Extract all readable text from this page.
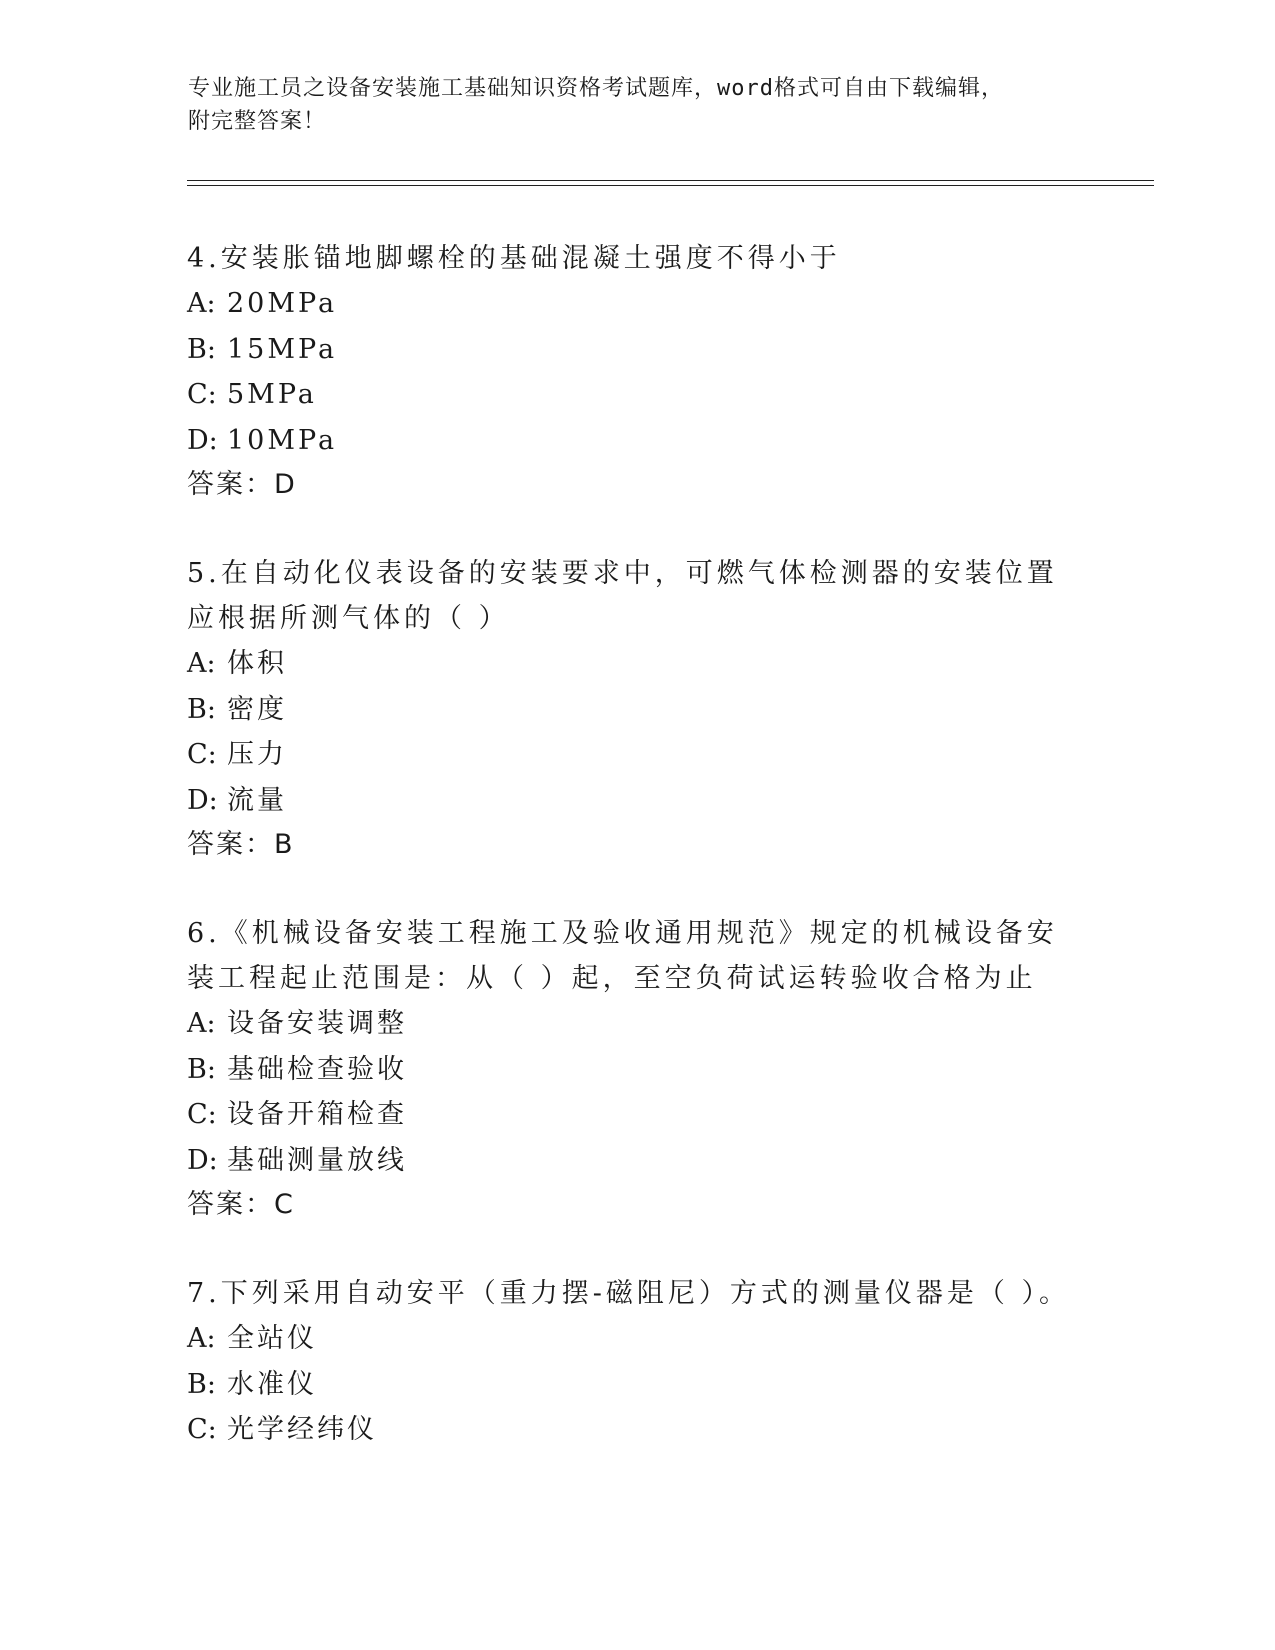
专业施工员之设备安装施工基础知识资格考试题库，word格式可自由下载编辑，
附完整答案！

4.安装胀锚地脚螺栓的基础混凝土强度不得小于

A: 20MPa

B: 15MPa

C: 5MPa

D: 10MPa

答案：D

5.在自动化仪表设备的安装要求中，可燃气体检测器的安装位置应根据所测气体的（ ）

A: 体积

B: 密度

C: 压力

D: 流量

答案：B

6.《机械设备安装工程施工及验收通用规范》规定的机械设备安装工程起止范围是：从（ ）起，至空负荷试运转验收合格为止

A: 设备安装调整

B: 基础检查验收

C: 设备开箱检查

D: 基础测量放线

答案：C

7.下列采用自动安平（重力摆-磁阻尼）方式的测量仪器是（ ）。

A: 全站仪

B: 水准仪

C: 光学经纬仪
